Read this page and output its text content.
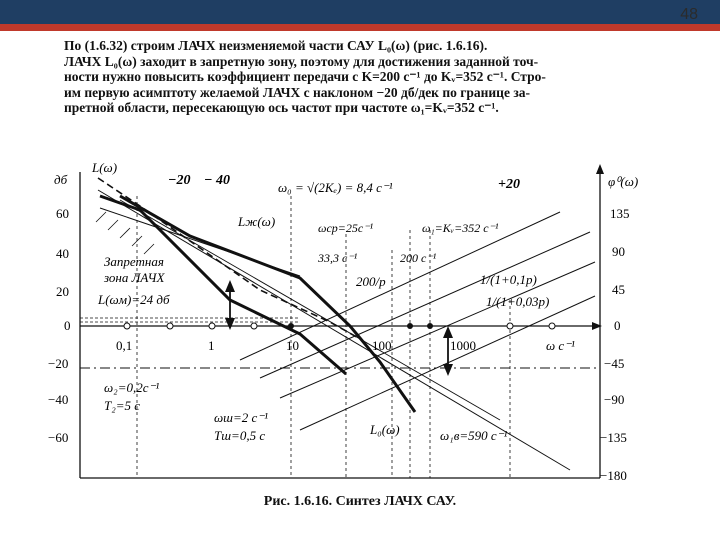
48
По (1.6.32) строим ЛАЧХ неизменяемой части САУ L₀(ω) (рис. 1.6.16).
ЛАЧХ L₀(ω) заходит в запретную зону, поэтому для достижения заданной точ-
ности нужно повысить коэффициент передачи с K=200 с⁻¹ до Kᵥ=352 с⁻¹. Стро-
им первую асимптоту желаемой ЛАЧХ с наклоном −20 дб/дек по границе за-
претной области, пересекающую ось частот при частоте ω₁=Kᵥ=352 с⁻¹.
дб
L(ω)
60
40
20
0
−20
−40
−60
φ⁰(ω)
135
90
45
0
−45
−90
−135
−180
0,1	1	10	100	1000	ω с⁻¹
−20 − 40	+20
ω₀ = √(2Kₑ) = 8,4 с⁻¹
Lж(ω)	ωср=25с⁻¹	ω₁=Kᵥ=352 с⁻¹
33,3 с⁻¹	200 с⁻¹
200/р	1/(1+0,1р)
1/(1+0,03р)
Запретная
зона ЛАЧХ
L(ωм)=24 дб
ω₂=0,2с⁻¹
T₂=5 с
ωш=2 с⁻¹
Tш=0,5 с	L₀(ω)	ω₁в=590 с⁻¹
Рис. 1.6.16. Синтез ЛАЧХ САУ.
